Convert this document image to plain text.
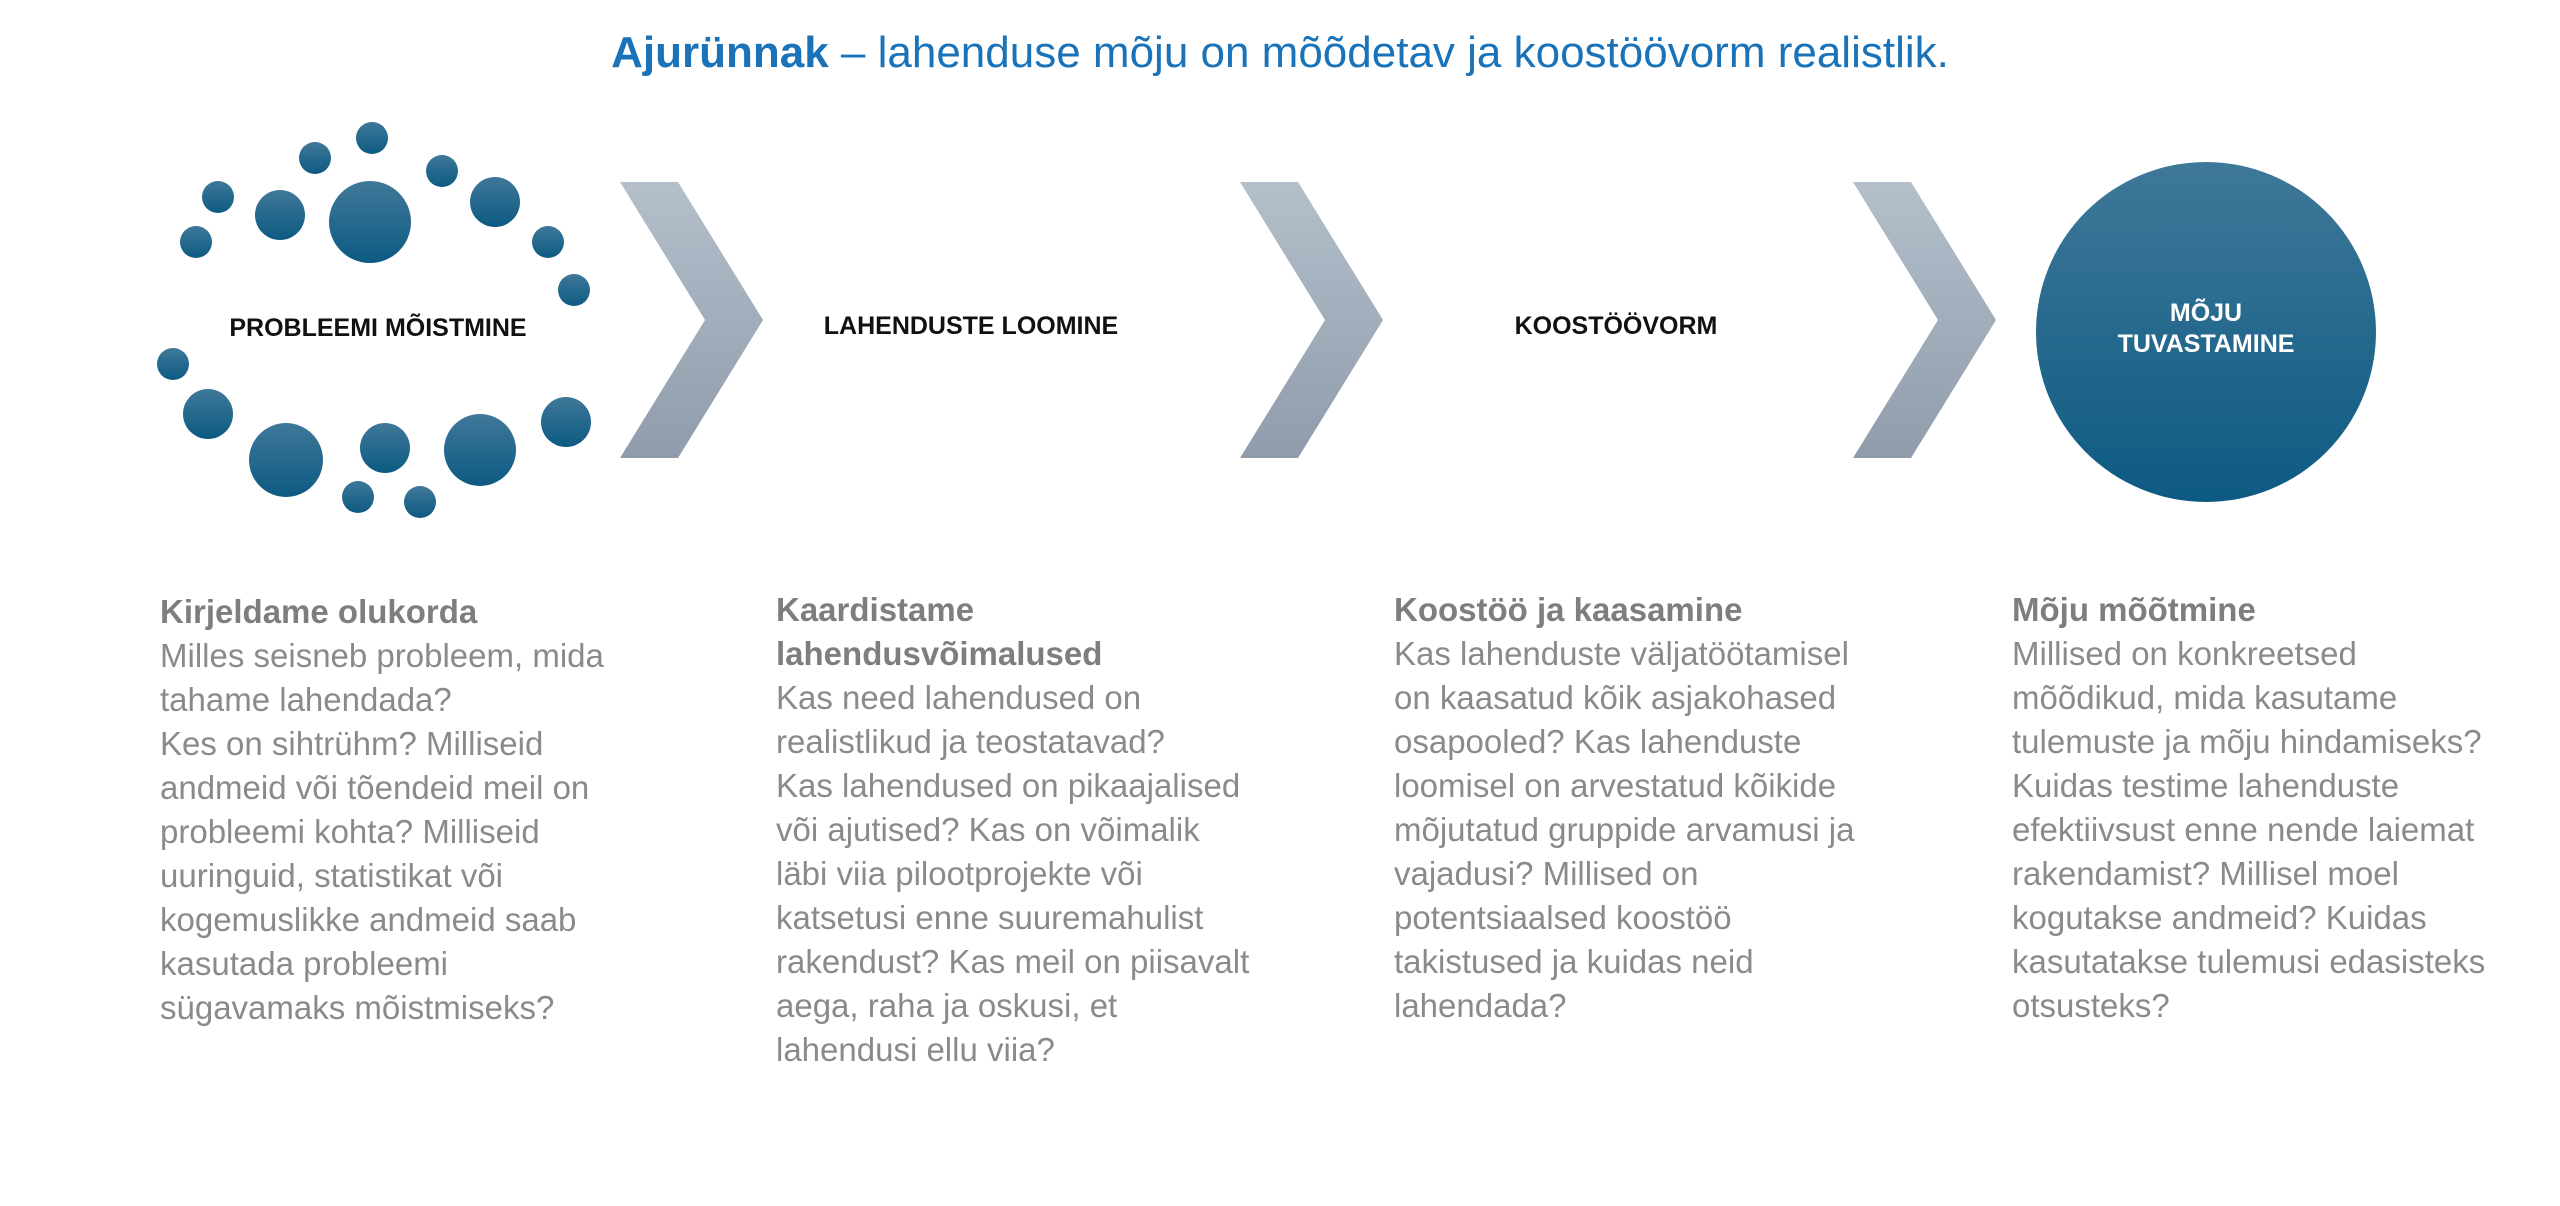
Ajurünnak – lahenduse mõju on mõõdetav ja koostöövorm realistlik.
PROBLEEMI MÕISTMINE	LAHENDUSTE LOOMINE	KOOSTÖÖVORM	MÕJU
TUVASTAMINE
Kirjeldame olukorda
Milles seisneb probleem, mida
tahame lahendada?
Kes on sihtrühm? Milliseid
andmeid või tõendeid meil on
probleemi kohta? Milliseid
uuringuid, statistikat või
kogemuslikke andmeid saab
kasutada probleemi
sügavamaks mõistmiseks?
Kaardistame
lahendusvõimalused
Kas need lahendused on
realistlikud ja teostatavad?
Kas lahendused on pikaajalised
või ajutised? Kas on võimalik
läbi viia pilootprojekte või
katsetusi enne suuremahulist
rakendust? Kas meil on piisavalt
aega, raha ja oskusi, et
lahendusi ellu viia?
Koostöö ja kaasamine
Kas lahenduste väljatöötamisel
on kaasatud kõik asjakohased
osapooled? Kas lahenduste
loomisel on arvestatud kõikide
mõjutatud gruppide arvamusi ja
vajadusi? Millised on
potentsiaalsed koostöö
takistused ja kuidas neid
lahendada?
Mõju mõõtmine
Millised on konkreetsed
mõõdikud, mida kasutame
tulemuste ja mõju hindamiseks?
Kuidas testime lahenduste
efektiivsust enne nende laiemat
rakendamist? Millisel moel
kogutakse andmeid? Kuidas
kasutatakse tulemusi edasisteks
otsusteks?
